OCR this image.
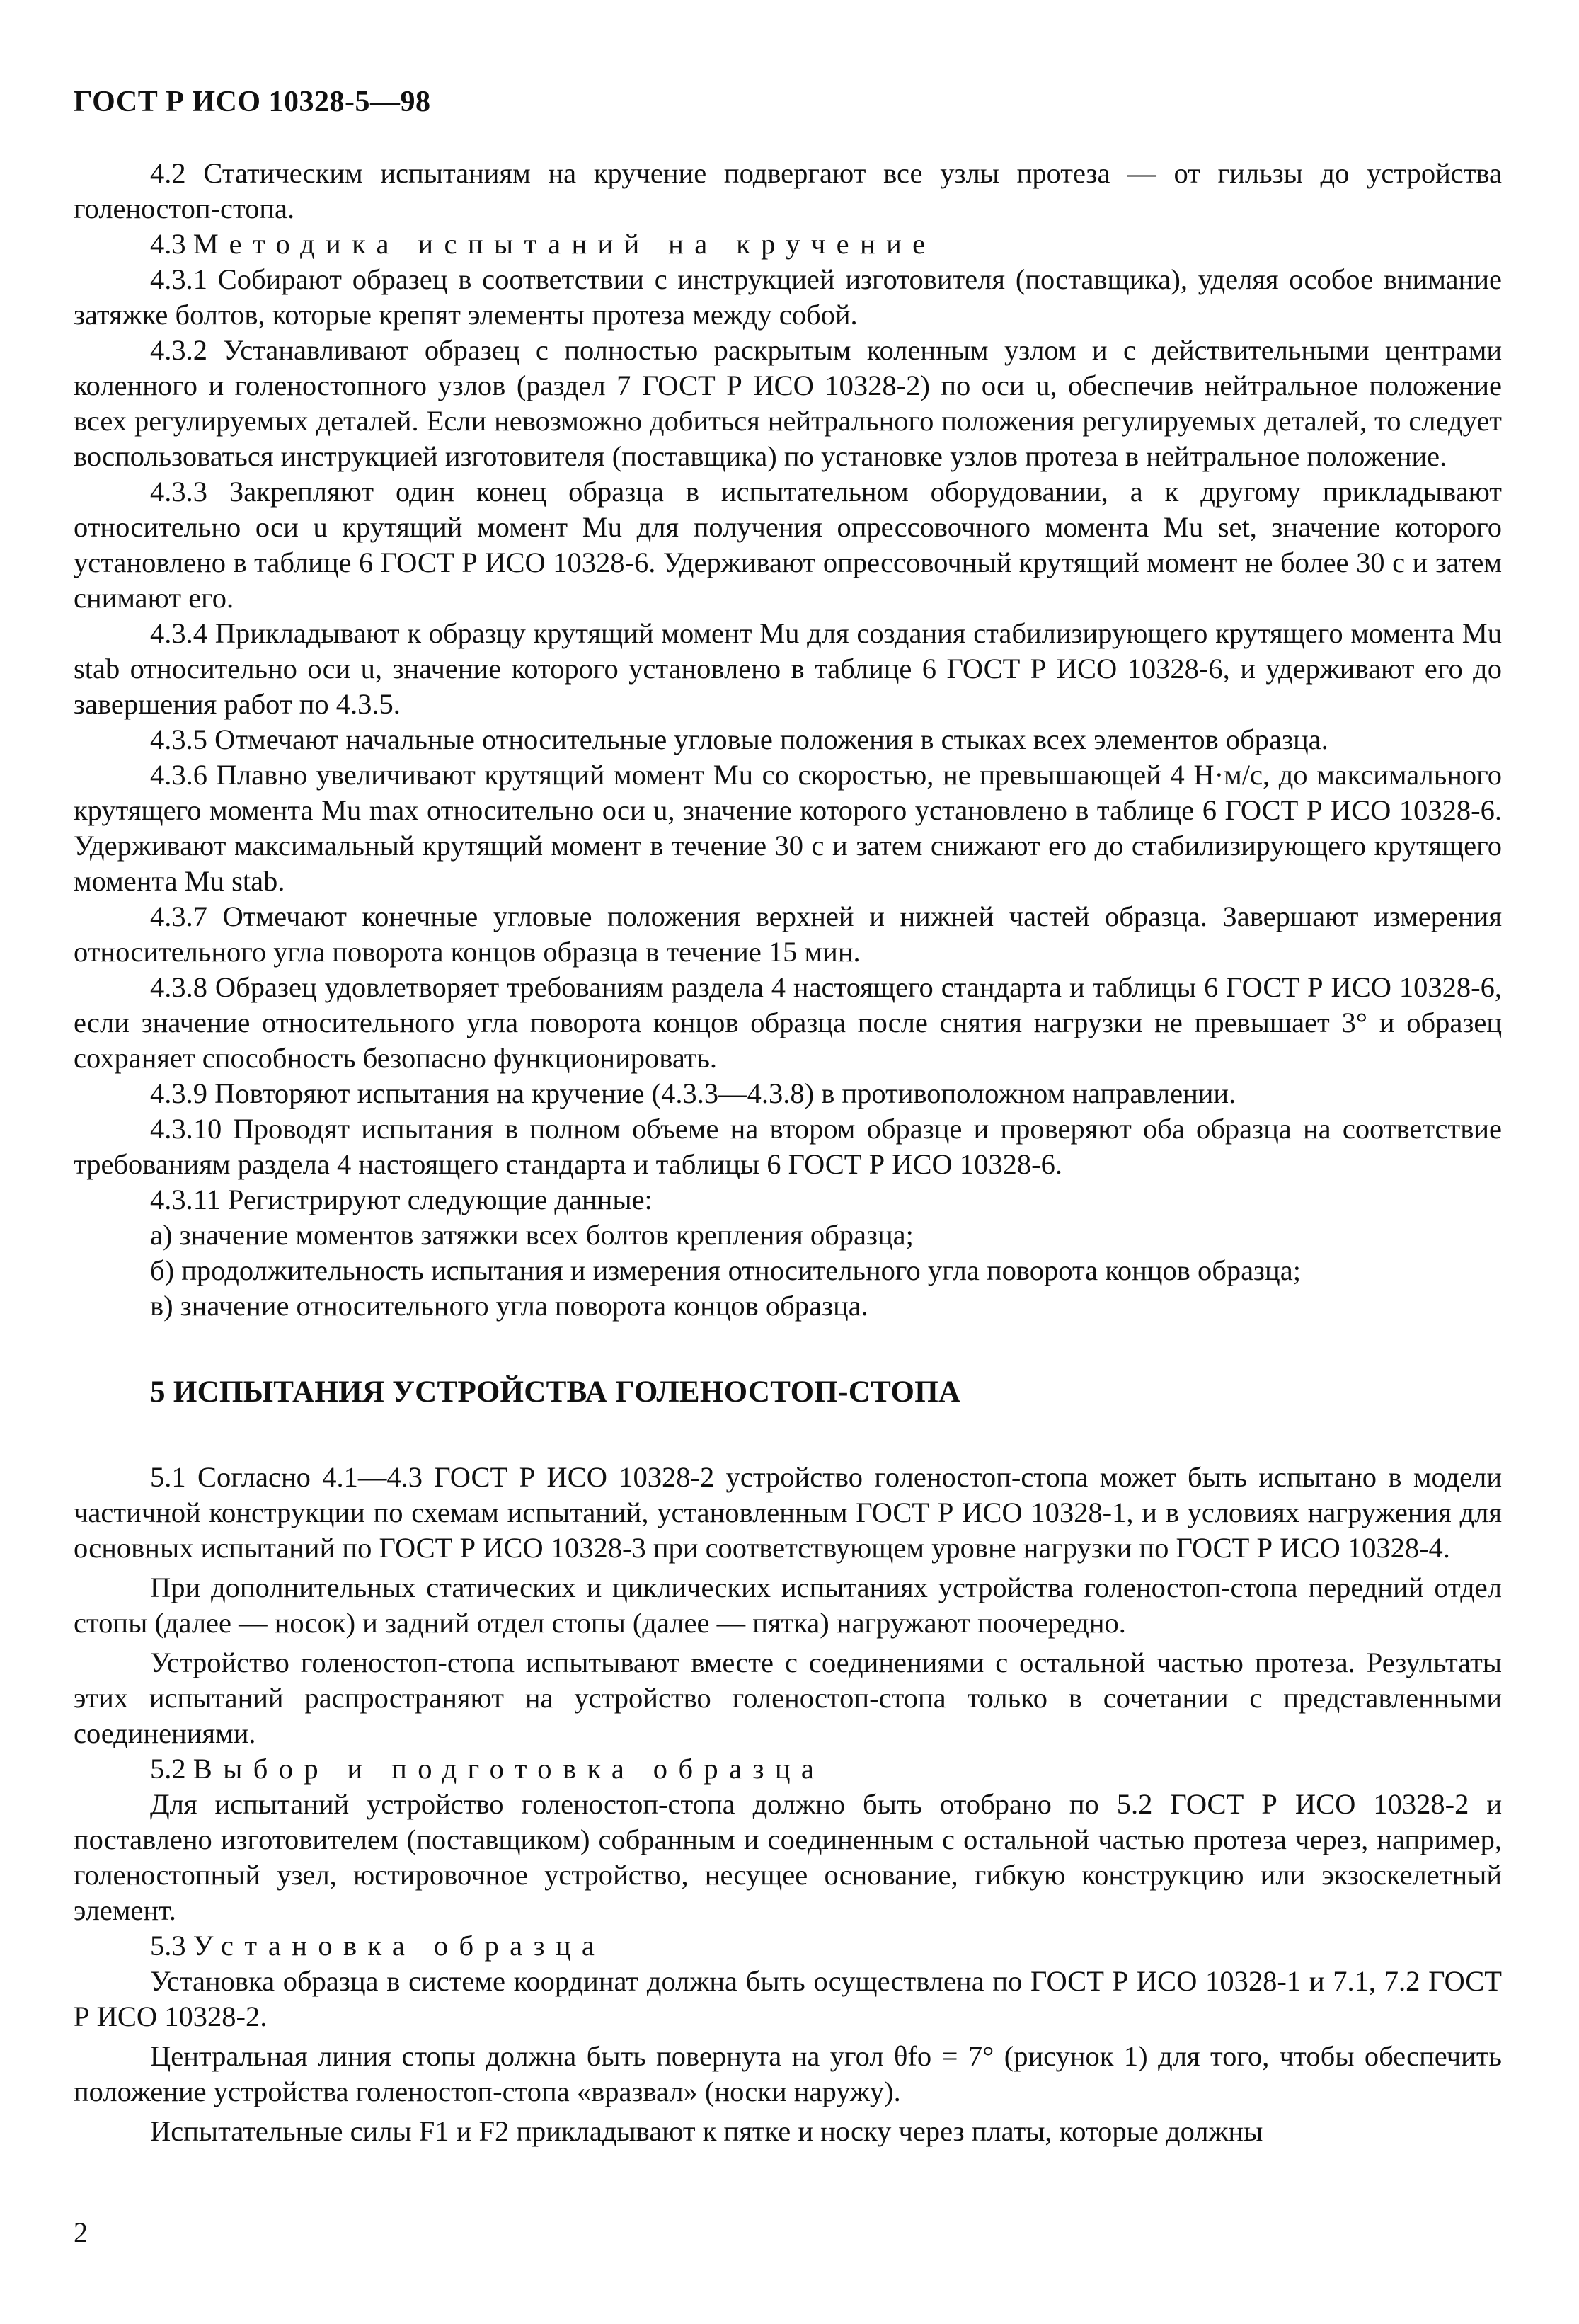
ГОСТ Р ИСО 10328-5—98

4.2 Статическим испытаниям на кручение подвергают все узлы протеза — от гильзы до устройства голеностоп-стопа.

4.3 Методика испытаний на кручение

4.3.1 Собирают образец в соответствии с инструкцией изготовителя (поставщика), уделяя особое внимание затяжке болтов, которые крепят элементы протеза между собой.

4.3.2 Устанавливают образец с полностью раскрытым коленным узлом и с действительными центрами коленного и голеностопного узлов (раздел 7 ГОСТ Р ИСО 10328-2) по оси u, обеспечив нейтральное положение всех регулируемых деталей. Если невозможно добиться нейтрального положения регулируемых деталей, то следует воспользоваться инструкцией изготовителя (поставщика) по установке узлов протеза в нейтральное положение.

4.3.3 Закрепляют один конец образца в испытательном оборудовании, а к другому прикладывают относительно оси u крутящий момент Mu для получения опрессовочного момента Mu set, значение которого установлено в таблице 6 ГОСТ Р ИСО 10328-6. Удерживают опрессовочный крутящий момент не более 30 с и затем снимают его.

4.3.4 Прикладывают к образцу крутящий момент Mu для создания стабилизирующего крутящего момента Mu stab относительно оси u, значение которого установлено в таблице 6 ГОСТ Р ИСО 10328-6, и удерживают его до завершения работ по 4.3.5.

4.3.5 Отмечают начальные относительные угловые положения в стыках всех элементов образца.

4.3.6 Плавно увеличивают крутящий момент Mu со скоростью, не превышающей 4 Н·м/с, до максимального крутящего момента Mu max относительно оси u, значение которого установлено в таблице 6 ГОСТ Р ИСО 10328-6. Удерживают максимальный крутящий момент в течение 30 с и затем снижают его до стабилизирующего крутящего момента Mu stab.

4.3.7 Отмечают конечные угловые положения верхней и нижней частей образца. Завершают измерения относительного угла поворота концов образца в течение 15 мин.

4.3.8 Образец удовлетворяет требованиям раздела 4 настоящего стандарта и таблицы 6 ГОСТ Р ИСО 10328-6, если значение относительного угла поворота концов образца после снятия нагрузки не превышает 3° и образец сохраняет способность безопасно функционировать.

4.3.9 Повторяют испытания на кручение (4.3.3—4.3.8) в противоположном направлении.

4.3.10 Проводят испытания в полном объеме на втором образце и проверяют оба образца на соответствие требованиям раздела 4 настоящего стандарта и таблицы 6 ГОСТ Р ИСО 10328-6.

4.3.11 Регистрируют следующие данные:

а) значение моментов затяжки всех болтов крепления образца;

б) продолжительность испытания и измерения относительного угла поворота концов образца;

в) значение относительного угла поворота концов образца.

5 ИСПЫТАНИЯ УСТРОЙСТВА ГОЛЕНОСТОП-СТОПА

5.1 Согласно 4.1—4.3 ГОСТ Р ИСО 10328-2 устройство голеностоп-стопа может быть испытано в модели частичной конструкции по схемам испытаний, установленным ГОСТ Р ИСО 10328-1, и в условиях нагружения для основных испытаний по ГОСТ Р ИСО 10328-3 при соответствующем уровне нагрузки по ГОСТ Р ИСО 10328-4.

При дополнительных статических и циклических испытаниях устройства голеностоп-стопа передний отдел стопы (далее — носок) и задний отдел стопы (далее — пятка) нагружают поочередно.

Устройство голеностоп-стопа испытывают вместе с соединениями с остальной частью протеза. Результаты этих испытаний распространяют на устройство голеностоп-стопа только в сочетании с представленными соединениями.

5.2 Выбор и подготовка образца

Для испытаний устройство голеностоп-стопа должно быть отобрано по 5.2 ГОСТ Р ИСО 10328-2 и поставлено изготовителем (поставщиком) собранным и соединенным с остальной частью протеза через, например, голеностопный узел, юстировочное устройство, несущее основание, гибкую конструкцию или экзоскелетный элемент.

5.3 Установка образца

Установка образца в системе координат должна быть осуществлена по ГОСТ Р ИСО 10328-1 и 7.1, 7.2 ГОСТ Р ИСО 10328-2.

Центральная линия стопы должна быть повернута на угол θfo = 7° (рисунок 1) для того, чтобы обеспечить положение устройства голеностоп-стопа «вразвал» (носки наружу).

Испытательные силы F1 и F2 прикладывают к пятке и носку через платы, которые должны

2
